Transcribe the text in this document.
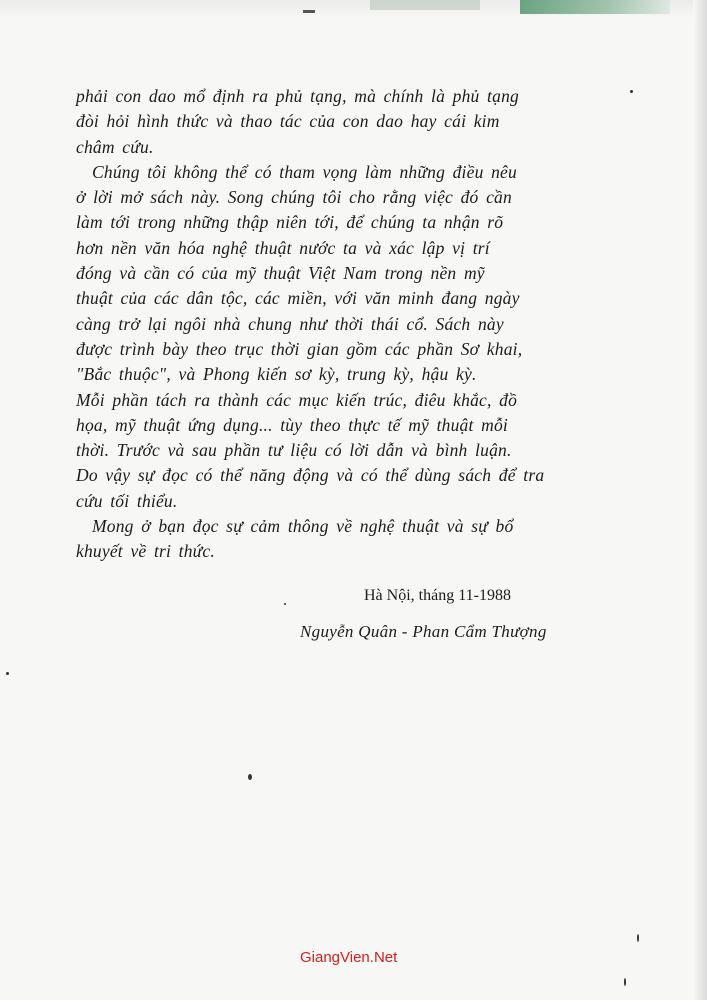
phải con dao mổ định ra phủ tạng, mà chính là phủ tạng
đòi hỏi hình thức và thao tác của con dao hay cái kim
châm cứu.
Chúng tôi không thể có tham vọng làm những điều nêu
ở lời mở sách này. Song chúng tôi cho rằng việc đó cần
làm tới trong những thập niên tới, để chúng ta nhận rõ
hơn nền văn hóa nghệ thuật nước ta và xác lập vị trí
đóng và cần có của mỹ thuật Việt Nam trong nền mỹ
thuật của các dân tộc, các miền, với văn minh đang ngày
càng trở lại ngôi nhà chung như thời thái cổ. Sách này
được trình bày theo trục thời gian gồm các phần Sơ khai,
"Bắc thuộc", và Phong kiến sơ kỳ, trung kỳ, hậu kỳ.
Mỗi phần tách ra thành các mục kiến trúc, điêu khắc, đồ
họa, mỹ thuật ứng dụng... tùy theo thực tế mỹ thuật mỗi
thời. Trước và sau phần tư liệu có lời dẫn và bình luận.
Do vậy sự đọc có thể năng động và có thể dùng sách để tra
cứu tối thiểu.
Mong ở bạn đọc sự cảm thông về nghệ thuật và sự bổ
khuyết về tri thức.
Hà Nội, tháng 11-1988
Nguyễn Quân - Phan Cẩm Thượng
GiangVien.Net
